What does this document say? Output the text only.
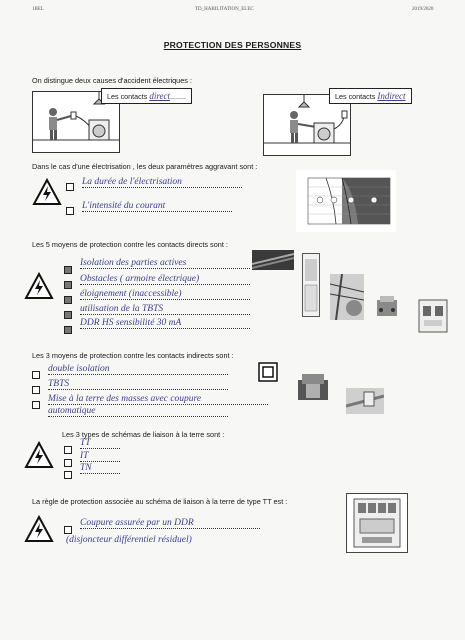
1BEL	TD_HABILITATION_ELEC	2019/2020
PROTECTION DES PERSONNES
On distingue deux causes d'accident électriques :
Les contacts direct........	Les contacts Indirect
Dans le cas d'une électrisation , les deux paramètres aggravant sont :
La durée de l'électrisation
L'intensité du courant
Les 5 moyens de protection contre les contacts directs sont :
Isolation des parties actives
Obstacles ( armoire électrique)
éloignement (inaccessible)
utilisation de la TBTS
DDR HS sensibilité 30 mA
Les 3 moyens de protection contre les contacts indirects sont :
double isolation
TBTS
Mise à la terre des masses avec coupure
automatique
Les 3 types de schémas de liaison à la terre sont :
TT
IT
TN
La règle de protection associée au schéma de liaison à la terre de type TT est :
Coupure assurée par un DDR
(disjoncteur différentiel résiduel)
